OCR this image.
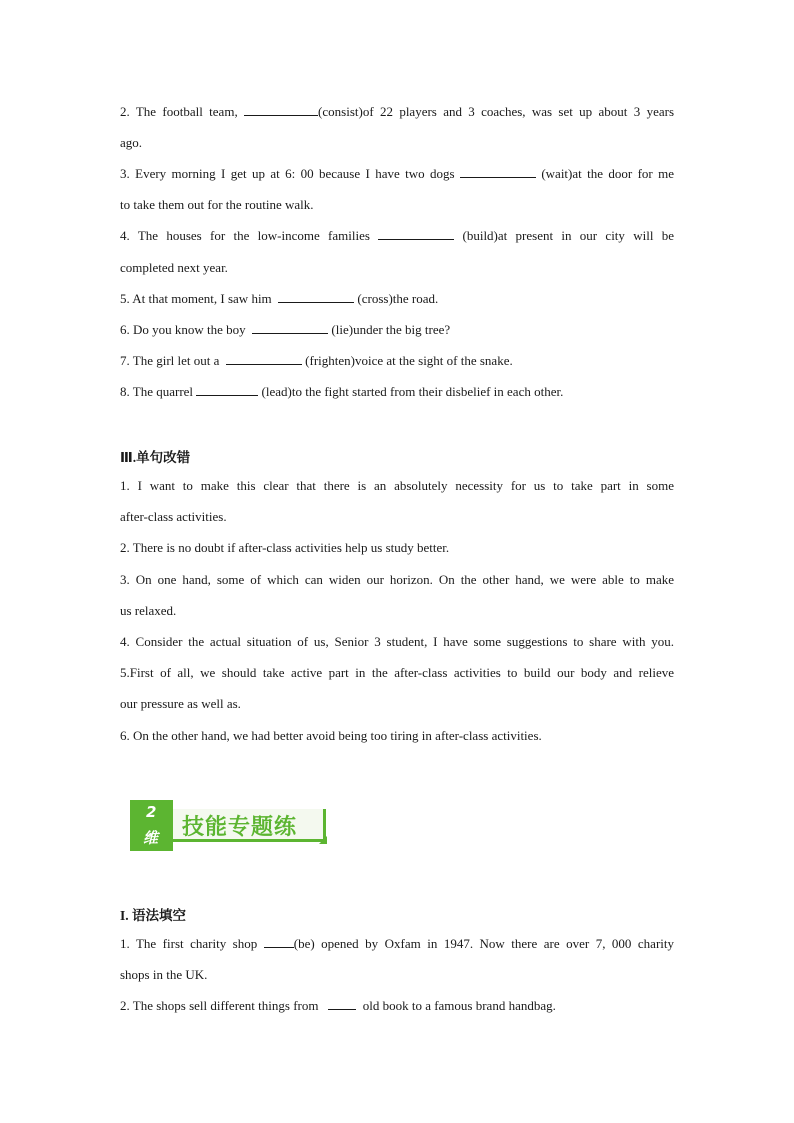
2. The football team,	(consist)of 22 players and 3 coaches, was set up about 3 years
ago.
3. Every morning I get up at 6: 00 because I have two dogs	(wait)at the door for me
to take them out for the routine walk.
4. The houses for the low-income families	(build)at present in our city will be
completed next year.
5. At that moment, I saw him	(cross)the road.
6. Do you know the boy	(lie)under the big tree?
7. The girl let out a	(frighten)voice at the sight of the snake.
8. The quarrel	(lead)to the fight started from their disbelief in each other.
Ⅲ.单句改错
1. I want to make this clear that there is an absolutely necessity for us to take part in some
after-class activities.
2. There is no doubt if after-class activities help us study better.
3. On one hand, some of which can widen our horizon. On the other hand, we were able to make
us relaxed.
4. Consider the actual situation of us, Senior 3 student, I have some suggestions to share with you.
5.First of all, we should take active part in the after-class activities to build our body and relieve
our pressure as well as.
6. On the other hand, we had better avoid being too tiring in after-class activities.
I. 语法填空
1. The first charity shop	(be) opened by Oxfam in 1947. Now there are over 7, 000 charity
shops in the UK.
2. The shops sell different things from	old book to a famous brand handbag.
2
维 技能专题练
